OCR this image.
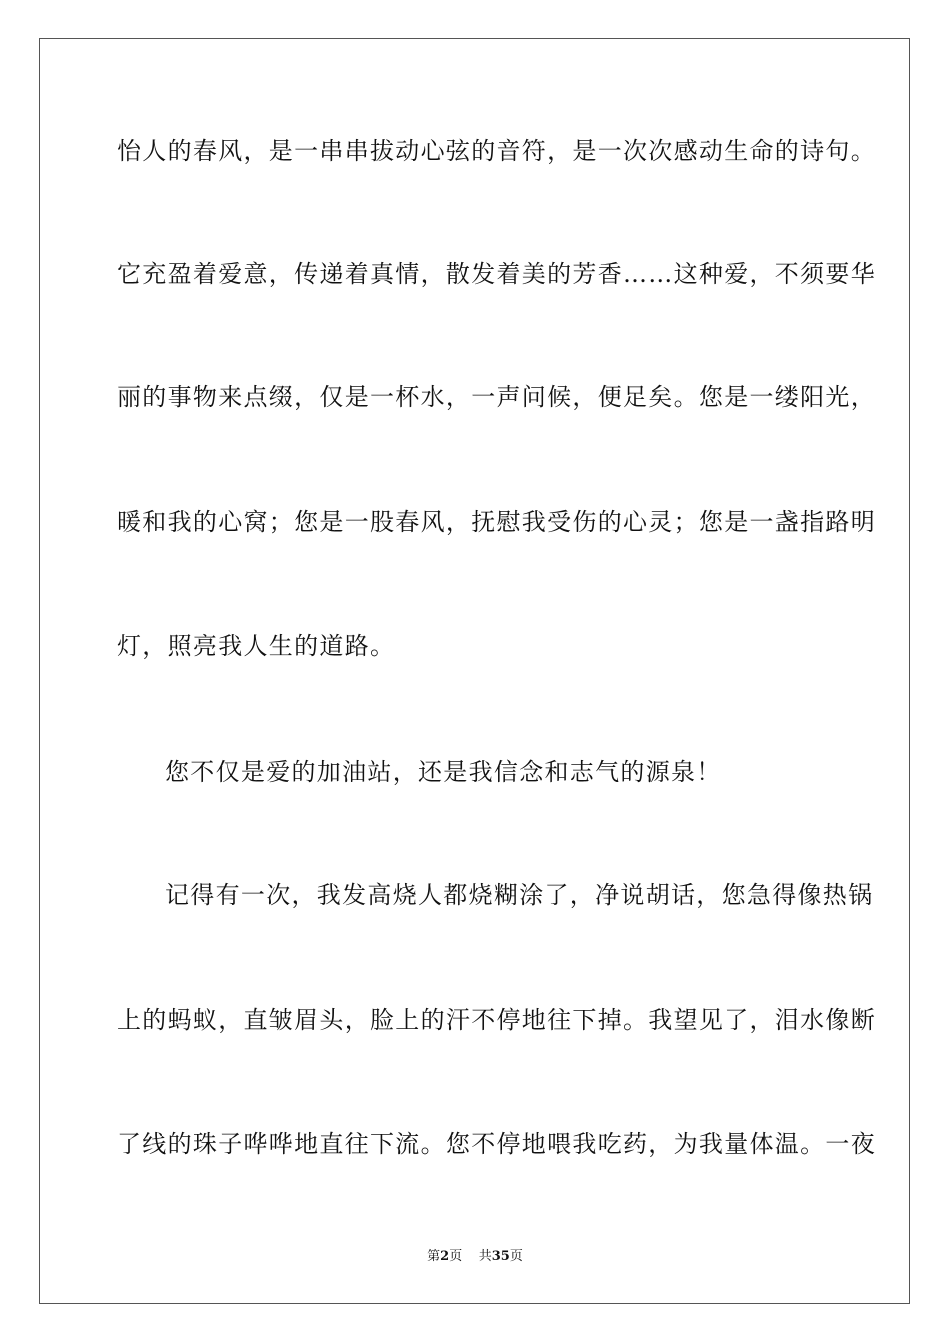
怡人的春风，是一串串拔动心弦的音符，是一次次感动生命的诗句。
它充盈着爱意，传递着真情，散发着美的芳香……这种爱，不须要华
丽的事物来点缀，仅是一杯水，一声问候，便足矣。您是一缕阳光，
暖和我的心窝；您是一股春风，抚慰我受伤的心灵；您是一盏指路明
灯，照亮我人生的道路。
您不仅是爱的加油站，还是我信念和志气的源泉！
记得有一次，我发高烧人都烧糊涂了，净说胡话，您急得像热锅
上的蚂蚁，直皱眉头，脸上的汗不停地往下掉。我望见了，泪水像断
了线的珠子哗哗地直往下流。您不停地喂我吃药，为我量体温。一夜
第2页 共35页
